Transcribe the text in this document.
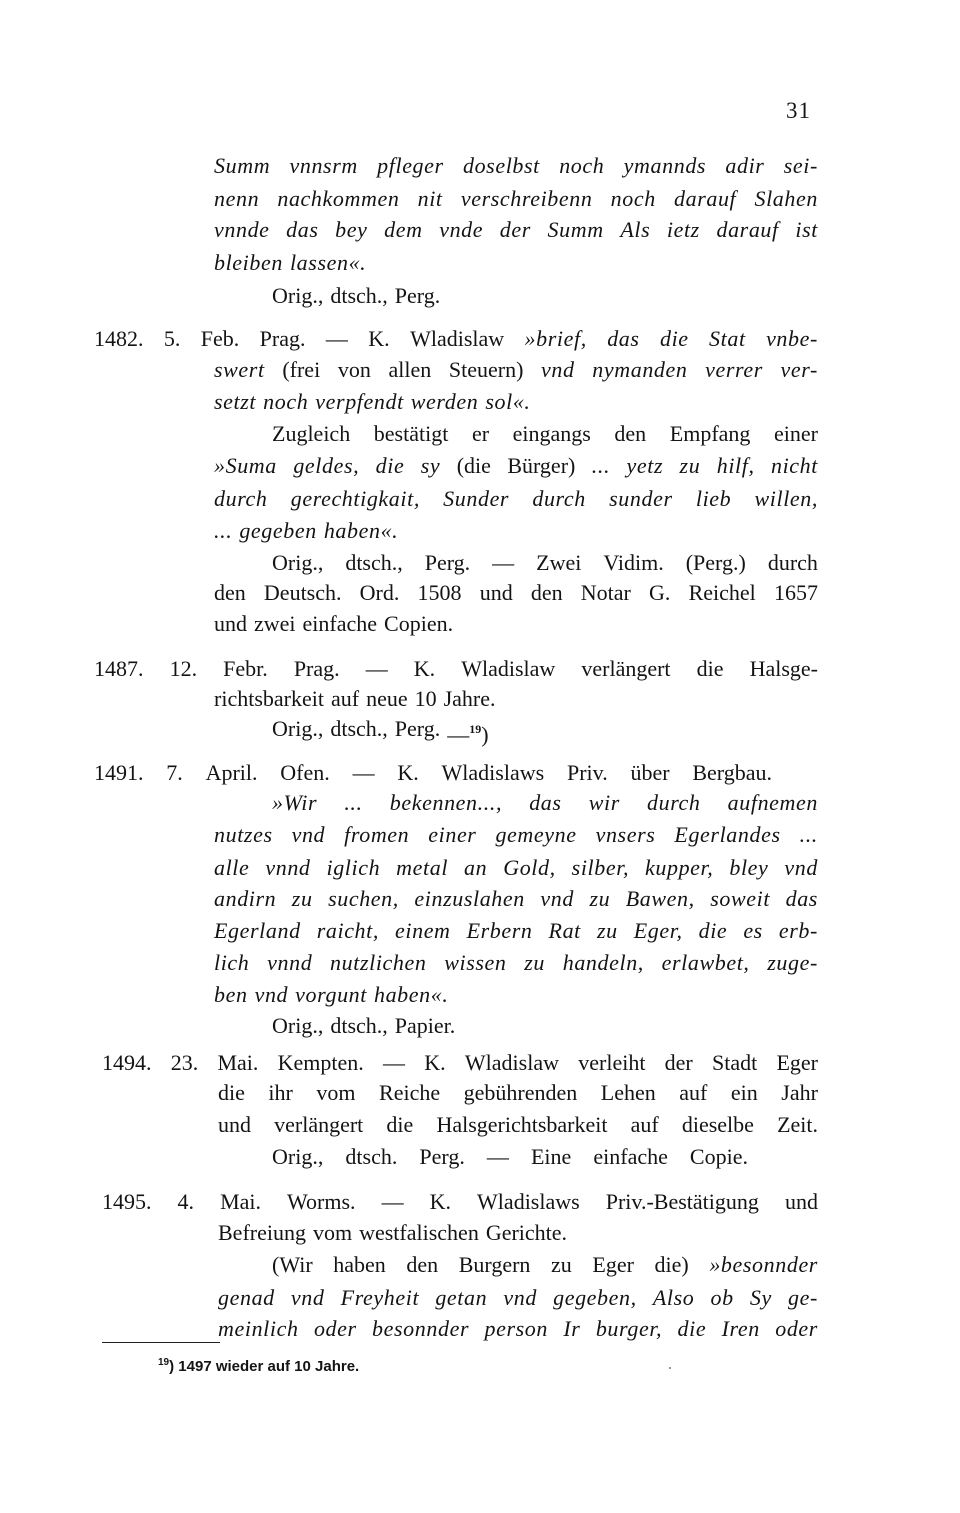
31
Summ vnnsrm pfleger doselbst noch ymannds adir sei-
nenn nachkommen nit verschreibenn noch darauf Slahen
vnnde das bey dem vnde der Summ Als ietz darauf ist
bleiben lassen«.
Orig., dtsch., Perg.
1482. 5. Feb. Prag. — K. Wladislaw »brief, das die Stat vnbe-
swert (frei von allen Steuern) vnd nymanden verrer ver-
setzt noch verpfendt werden sol«.
Zugleich bestätigt er eingangs den Empfang einer
»Suma geldes, die sy (die Bürger) ... yetz zu hilf, nicht
durch gerechtigkait, Sunder durch sunder lieb willen,
... gegeben haben«.
Orig., dtsch., Perg. — Zwei Vidim. (Perg.) durch
den Deutsch. Ord. 1508 und den Notar G. Reichel 1657
und zwei einfache Copien.
1487. 12. Febr. Prag. — K. Wladislaw verlängert die Halsge-
richtsbarkeit auf neue 10 Jahre.
Orig., dtsch., Perg. —$^{19}$)
1491. 7. April. Ofen. — K. Wladislaws Priv. über Bergbau.
»Wir ... bekennen..., das wir durch aufnemen
nutzes vnd fromen einer gemeyne vnsers Egerlandes ...
alle vnnd iglich metal an Gold, silber, kupper, bley vnd
andirn zu suchen, einzuslahen vnd zu Bawen, soweit das
Egerland raicht, einem Erbern Rat zu Eger, die es erb-
lich vnnd nutzlichen wissen zu handeln, erlawbet, zuge-
ben vnd vorgunt haben«.
Orig., dtsch., Papier.
1494. 23. Mai. Kempten. — K. Wladislaw verleiht der Stadt Eger
die ihr vom Reiche gebührenden Lehen auf ein Jahr
und verlängert die Halsgerichtsbarkeit auf dieselbe Zeit.
Orig., dtsch. Perg. — Eine einfache Copie.
1495. 4. Mai. Worms. — K. Wladislaws Priv.-Bestätigung und
Befreiung vom westfalischen Gerichte.
(Wir haben den Burgern zu Eger die) »besonnder
genad vnd Freyheit getan vnd gegeben, Also ob Sy ge-
meinlich oder besonnder person Ir burger, die Iren oder
$^{19}$) 1497 wieder auf 10 Jahre.
